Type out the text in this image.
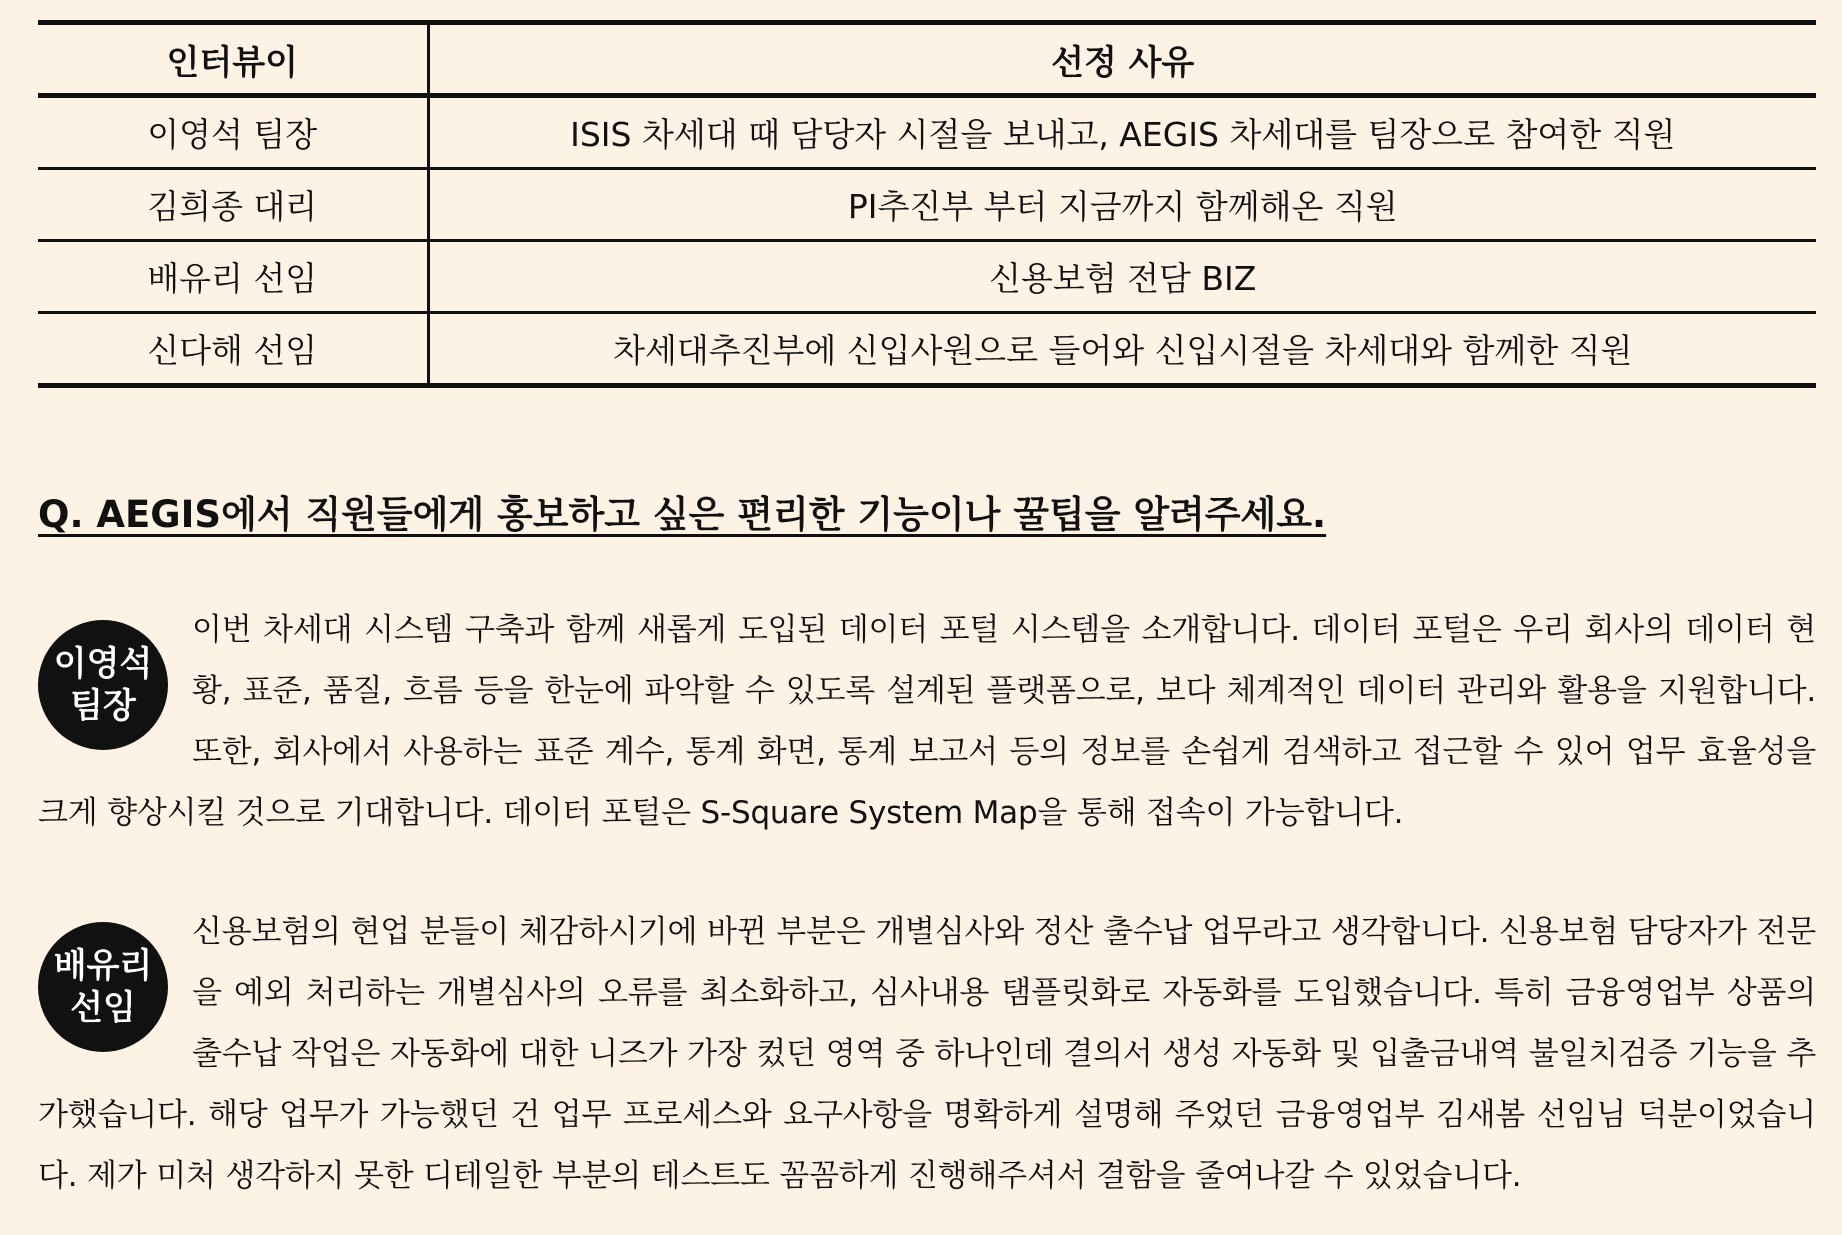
인터뷰이	선정 사유
이영석 팀장	ISIS 차세대 때 담당자 시절을 보내고, AEGIS 차세대를 팀장으로 참여한 직원
김희종 대리	PI추진부 부터 지금까지 함께해온 직원
배유리 선임	신용보험 전담 BIZ
신다해 선임	차세대추진부에 신입사원으로 들어와 신입시절을 차세대와 함께한 직원
Q. AEGIS에서 직원들에게 홍보하고 싶은 편리한 기능이나 꿀팁을 알려주세요.
이영석
팀장
이번 차세대 시스템 구축과 함께 새롭게 도입된 데이터 포털 시스템을 소개합니다. 데이터 포털은 우리 회사의 데이터 현황, 표준, 품질, 흐름 등을 한눈에 파악할 수 있도록 설계된 플랫폼으로, 보다 체계적인 데이터 관리와 활용을 지원합니다. 또한, 회사에서 사용하는 표준 계수, 통계 화면, 통계 보고서 등의 정보를 손쉽게 검색하고 접근할 수 있어 업무 효율성을 크게 향상시킬 것으로 기대합니다. 데이터 포털은 S-Square System Map을 통해 접속이 가능합니다.
배유리
선임
신용보험의 현업 분들이 체감하시기에 바뀐 부분은 개별심사와 정산 출수납 업무라고 생각합니다. 신용보험 담당자가 전문을 예외 처리하는 개별심사의 오류를 최소화하고, 심사내용 탬플릿화로 자동화를 도입했습니다. 특히 금융영업부 상품의 출수납 작업은 자동화에 대한 니즈가 가장 컸던 영역 중 하나인데 결의서 생성 자동화 및 입출금내역 불일치검증 기능을 추가했습니다. 해당 업무가 가능했던 건 업무 프로세스와 요구사항을 명확하게 설명해 주었던 금융영업부 김새봄 선임님 덕분이었습니다. 제가 미처 생각하지 못한 디테일한 부분의 테스트도 꼼꼼하게 진행해주셔서 결함을 줄여나갈 수 있었습니다.
